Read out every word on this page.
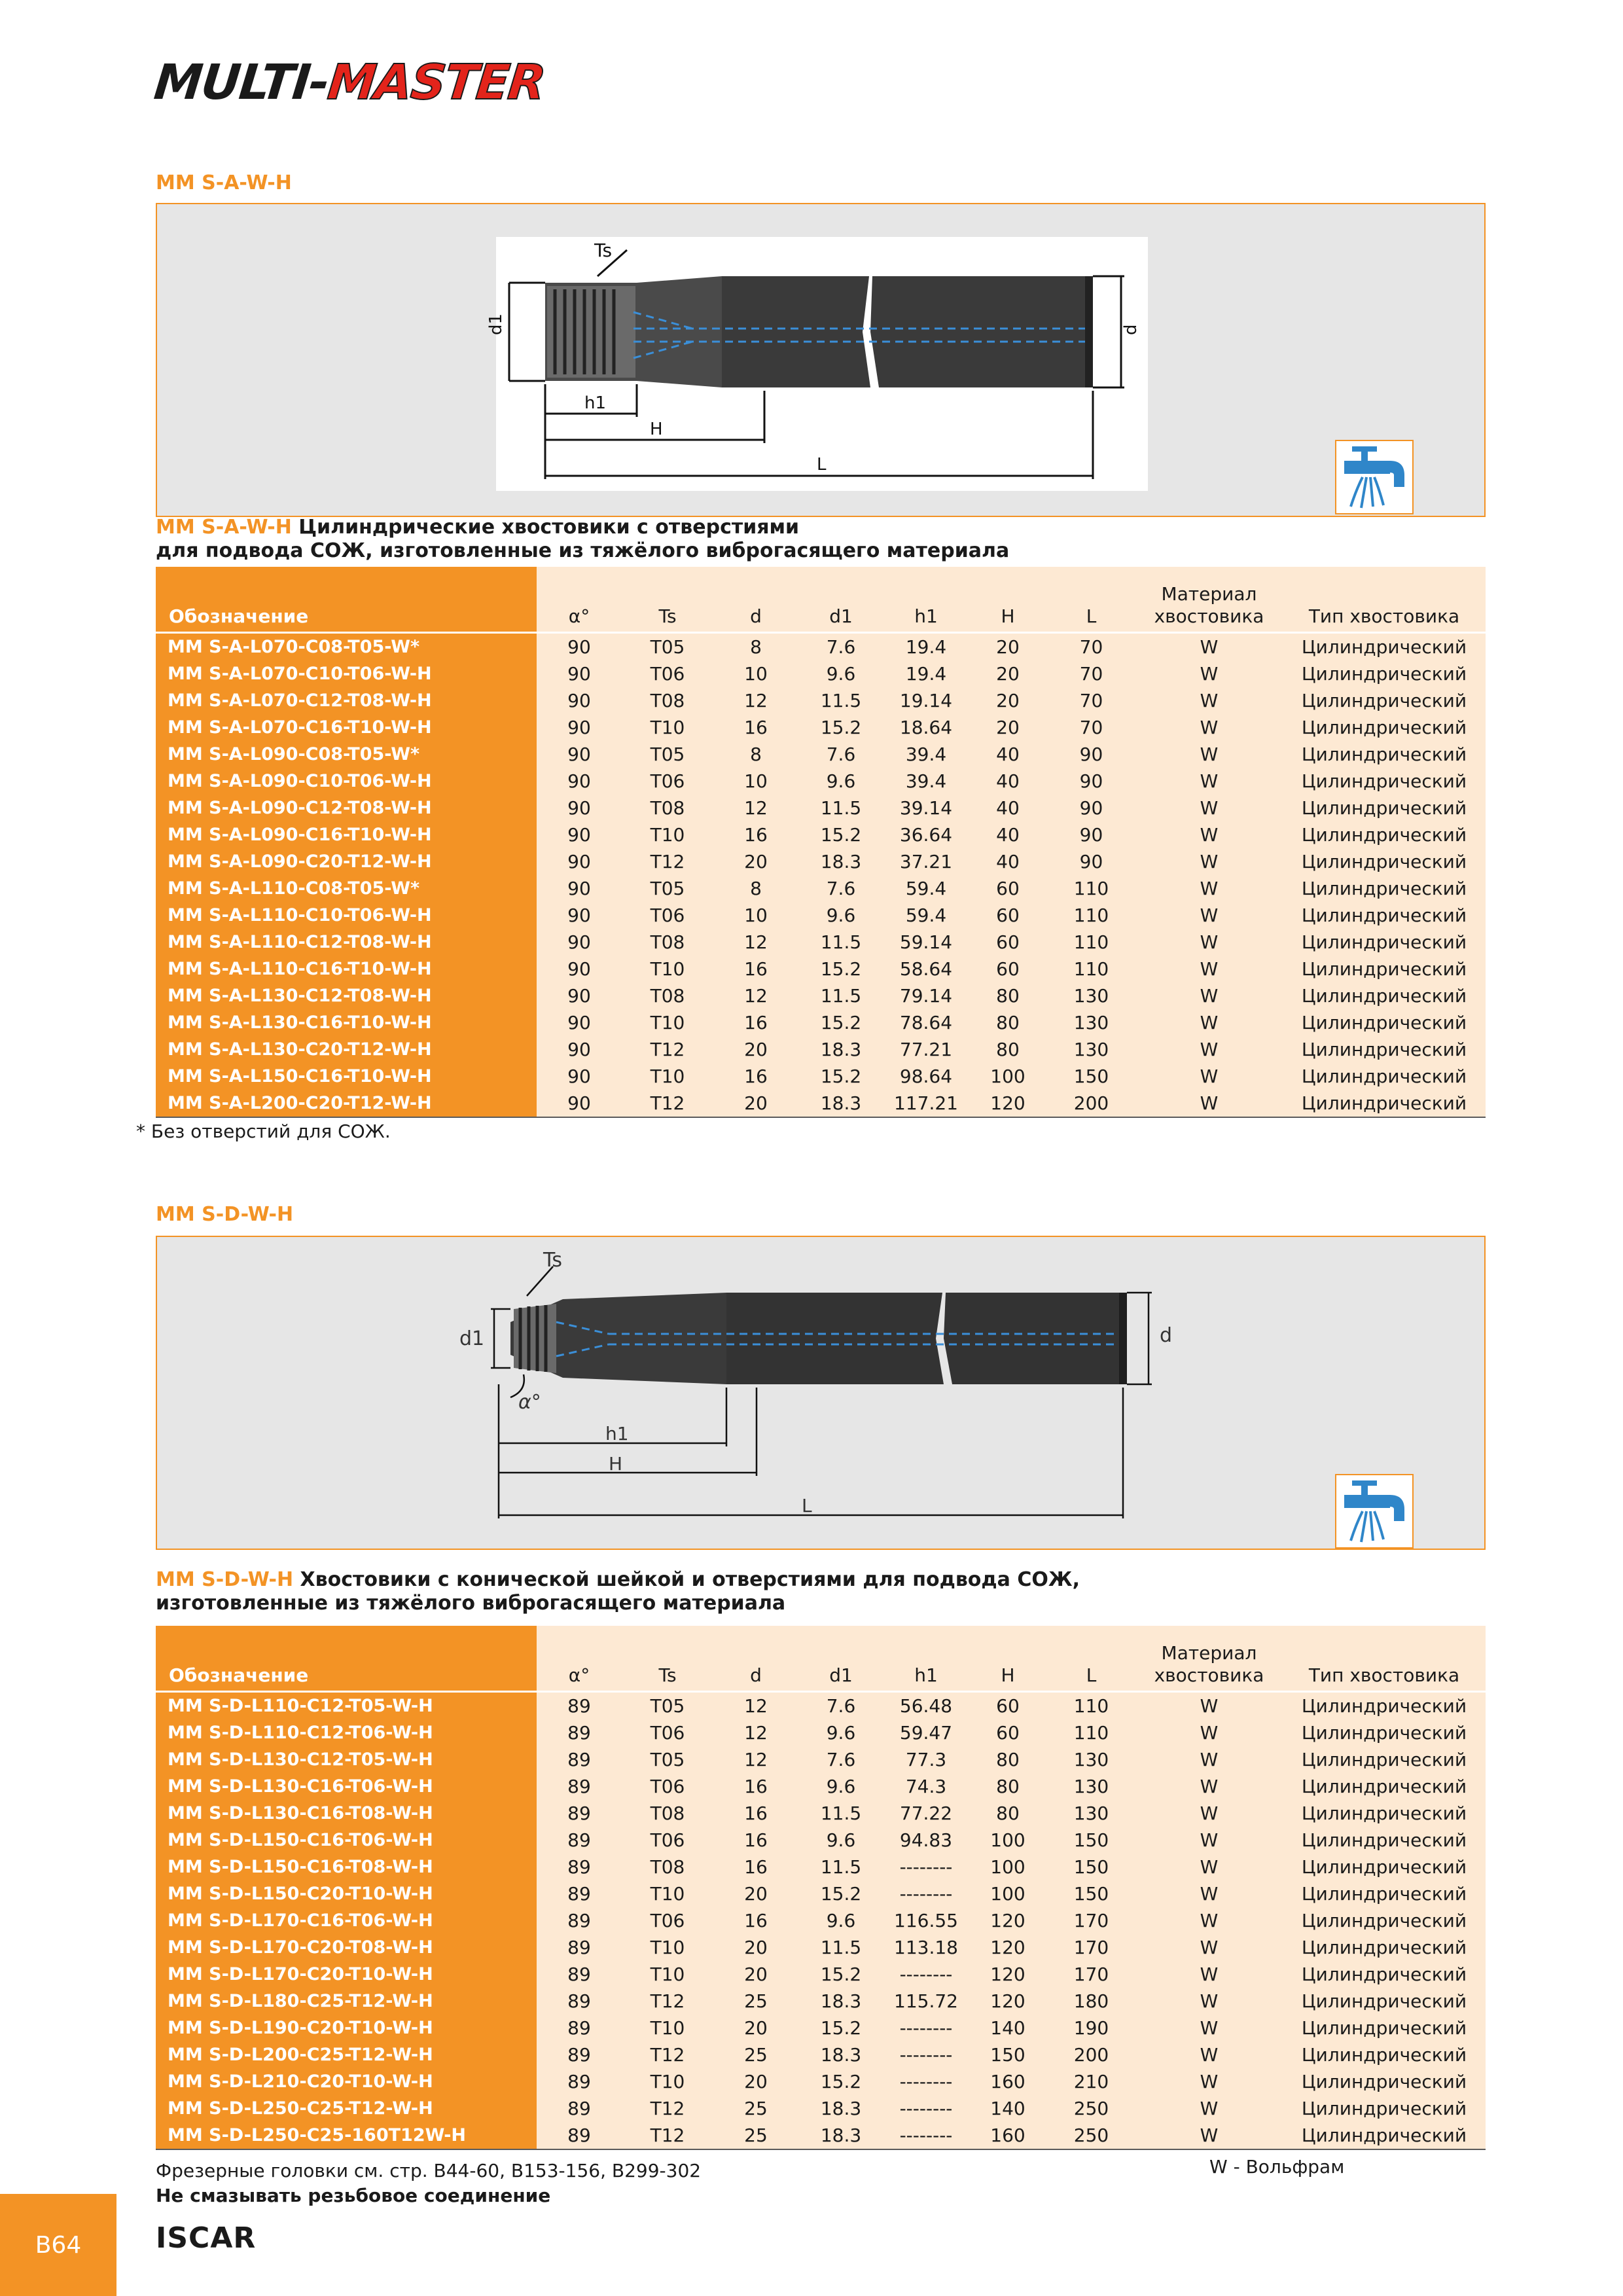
MULTI-MASTER
MM S-A-W-H
Ts
d1	d
h1
H
L
MM S-A-W-H Цилиндрические хвостовики с отверстиями
для подвода СОЖ, изготовленные из тяжёлого виброгасящего материала
Обозначение	α°	Ts	d	d1	h1	H	L	Материал хвостовика	Тип хвостовика
MM S-A-L070-C08-T05-W*	90	T05	8	7.6	19.4	20	70	W	Цилиндрический
MM S-A-L070-C10-T06-W-H	90	T06	10	9.6	19.4	20	70	W	Цилиндрический
MM S-A-L070-C12-T08-W-H	90	T08	12	11.5	19.14	20	70	W	Цилиндрический
MM S-A-L070-C16-T10-W-H	90	T10	16	15.2	18.64	20	70	W	Цилиндрический
MM S-A-L090-C08-T05-W*	90	T05	8	7.6	39.4	40	90	W	Цилиндрический
MM S-A-L090-C10-T06-W-H	90	T06	10	9.6	39.4	40	90	W	Цилиндрический
MM S-A-L090-C12-T08-W-H	90	T08	12	11.5	39.14	40	90	W	Цилиндрический
MM S-A-L090-C16-T10-W-H	90	T10	16	15.2	36.64	40	90	W	Цилиндрический
MM S-A-L090-C20-T12-W-H	90	T12	20	18.3	37.21	40	90	W	Цилиндрический
MM S-A-L110-C08-T05-W*	90	T05	8	7.6	59.4	60	110	W	Цилиндрический
MM S-A-L110-C10-T06-W-H	90	T06	10	9.6	59.4	60	110	W	Цилиндрический
MM S-A-L110-C12-T08-W-H	90	T08	12	11.5	59.14	60	110	W	Цилиндрический
MM S-A-L110-C16-T10-W-H	90	T10	16	15.2	58.64	60	110	W	Цилиндрический
MM S-A-L130-C12-T08-W-H	90	T08	12	11.5	79.14	80	130	W	Цилиндрический
MM S-A-L130-C16-T10-W-H	90	T10	16	15.2	78.64	80	130	W	Цилиндрический
MM S-A-L130-C20-T12-W-H	90	T12	20	18.3	77.21	80	130	W	Цилиндрический
MM S-A-L150-C16-T10-W-H	90	T10	16	15.2	98.64	100	150	W	Цилиндрический
MM S-A-L200-C20-T12-W-H	90	T12	20	18.3	117.21	120	200	W	Цилиндрический
* Без отверстий для СОЖ.
MM S-D-W-H
Ts
d1	d
α°
h1
H
L
MM S-D-W-H Хвостовики с конической шейкой и отверстиями для подвода СОЖ,
изготовленные из тяжёлого виброгасящего материала
Обозначение	α°	Ts	d	d1	h1	H	L	Материал хвостовика	Тип хвостовика
MM S-D-L110-C12-T05-W-H	89	T05	12	7.6	56.48	60	110	W	Цилиндрический
MM S-D-L110-C12-T06-W-H	89	T06	12	9.6	59.47	60	110	W	Цилиндрический
MM S-D-L130-C12-T05-W-H	89	T05	12	7.6	77.3	80	130	W	Цилиндрический
MM S-D-L130-C16-T06-W-H	89	T06	16	9.6	74.3	80	130	W	Цилиндрический
MM S-D-L130-C16-T08-W-H	89	T08	16	11.5	77.22	80	130	W	Цилиндрический
MM S-D-L150-C16-T06-W-H	89	T06	16	9.6	94.83	100	150	W	Цилиндрический
MM S-D-L150-C16-T08-W-H	89	T08	16	11.5	--------	100	150	W	Цилиндрический
MM S-D-L150-C20-T10-W-H	89	T10	20	15.2	--------	100	150	W	Цилиндрический
MM S-D-L170-C16-T06-W-H	89	T06	16	9.6	116.55	120	170	W	Цилиндрический
MM S-D-L170-C20-T08-W-H	89	T10	20	11.5	113.18	120	170	W	Цилиндрический
MM S-D-L170-C20-T10-W-H	89	T10	20	15.2	--------	120	170	W	Цилиндрический
MM S-D-L180-C25-T12-W-H	89	T12	25	18.3	115.72	120	180	W	Цилиндрический
MM S-D-L190-C20-T10-W-H	89	T10	20	15.2	--------	140	190	W	Цилиндрический
MM S-D-L200-C25-T12-W-H	89	T12	25	18.3	--------	150	200	W	Цилиндрический
MM S-D-L210-C20-T10-W-H	89	T10	20	15.2	--------	160	210	W	Цилиндрический
MM S-D-L250-C25-T12-W-H	89	T12	25	18.3	--------	140	250	W	Цилиндрический
MM S-D-L250-C25-160T12W-H	89	T12	25	18.3	--------	160	250	W	Цилиндрический
Фрезерные головки см. стр. B44-60, B153-156, B299-302
Не смазывать резьбовое соединение
W - Вольфрам
B64	ISCAR
